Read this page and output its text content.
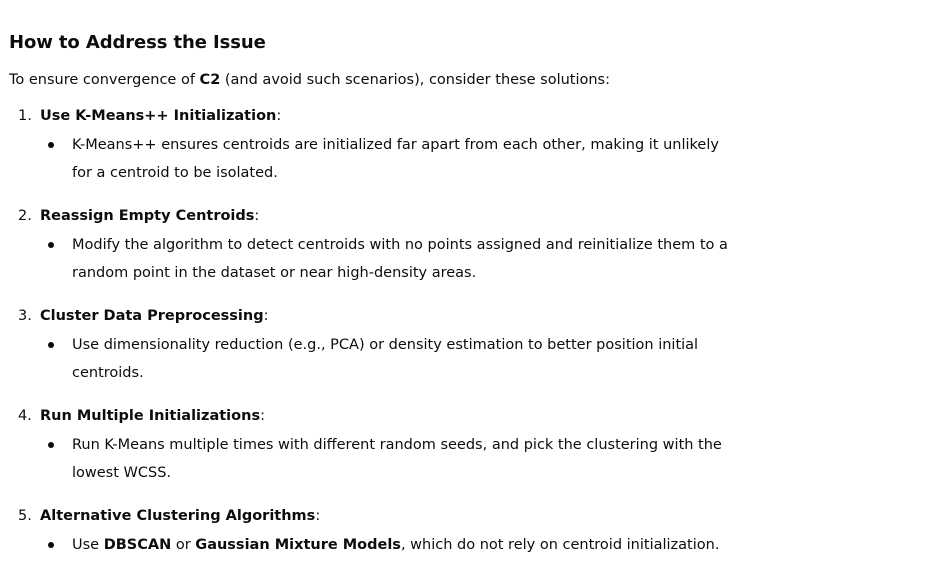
How to Address the Issue

To ensure convergence of C2 (and avoid such scenarios), consider these solutions:

1. Use K-Means++ Initialization:
K-Means++ ensures centroids are initialized far apart from each other, making it unlikely for a centroid to be isolated.
2. Reassign Empty Centroids:
Modify the algorithm to detect centroids with no points assigned and reinitialize them to a random point in the dataset or near high-density areas.
3. Cluster Data Preprocessing:
Use dimensionality reduction (e.g., PCA) or density estimation to better position initial centroids.
4. Run Multiple Initializations:
Run K-Means multiple times with different random seeds, and pick the clustering with the lowest WCSS.
5. Alternative Clustering Algorithms:
Use DBSCAN or Gaussian Mixture Models, which do not rely on centroid initialization.
